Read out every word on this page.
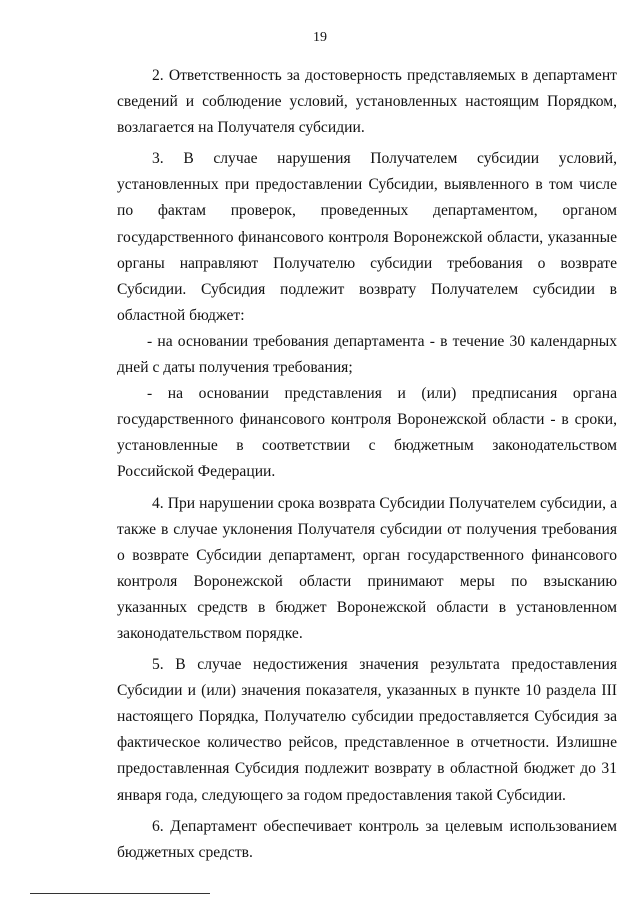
19

2. Ответственность за достоверность представляемых в департамент сведений и соблюдение условий, установленных настоящим Порядком, возлагается на Получателя субсидии.

3. В случае нарушения Получателем субсидии условий, установленных при предоставлении Субсидии, выявленного в том числе по фактам проверок, проведенных департаментом, органом государственного финансового контроля Воронежской области, указанные органы направляют Получателю субсидии требования о возврате Субсидии. Субсидия подлежит возврату Получателем субсидии в областной бюджет:

- на основании требования департамента - в течение 30 календарных дней с даты получения требования;

- на основании представления и (или) предписания органа государственного финансового контроля Воронежской области - в сроки, установленные в соответствии с бюджетным законодательством Российской Федерации.

4. При нарушении срока возврата Субсидии Получателем субсидии, а также в случае уклонения Получателя субсидии от получения требования о возврате Субсидии департамент, орган государственного финансового контроля Воронежской области принимают меры по взысканию указанных средств в бюджет Воронежской области в установленном законодательством порядке.

5. В случае недостижения значения результата предоставления Субсидии и (или) значения показателя, указанных в пункте 10 раздела III настоящего Порядка, Получателю субсидии предоставляется Субсидия за фактическое количество рейсов, представленное в отчетности. Излишне предоставленная Субсидия подлежит возврату в областной бюджет до 31 января года, следующего за годом предоставления такой Субсидии.

6. Департамент обеспечивает контроль за целевым использованием бюджетных средств.
